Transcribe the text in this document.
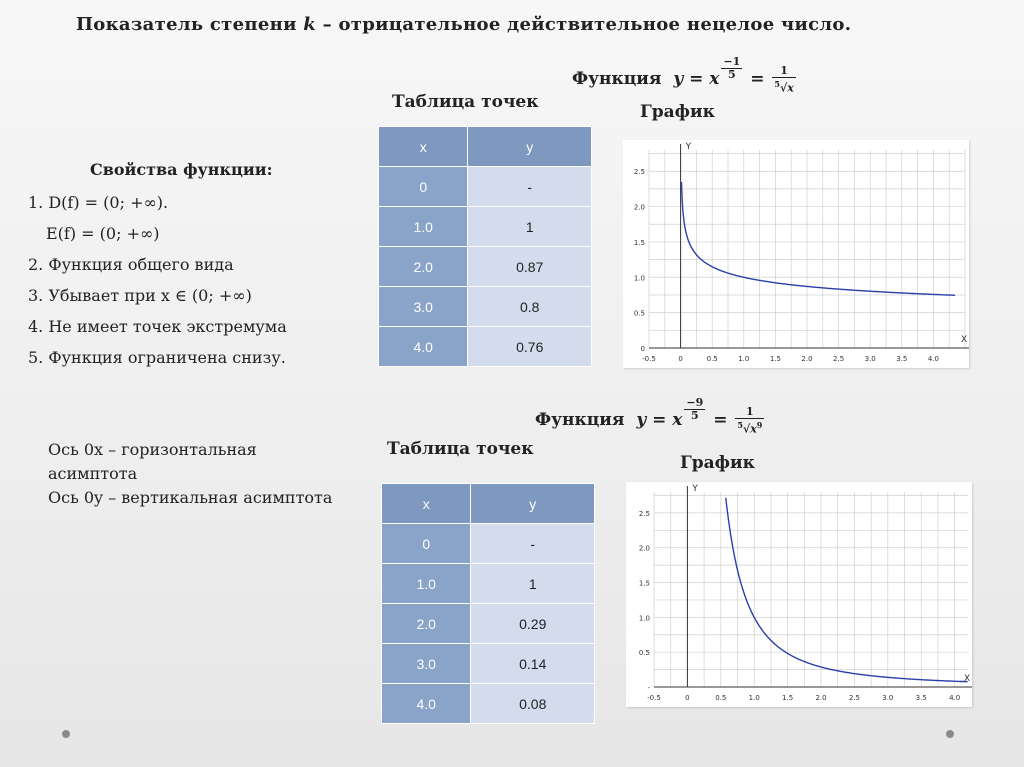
Показатель степени k – отрицательное действительное нецелое число.
Функция y = x $\frac{-1}{5} = \frac{1}{^5√x}$
Таблица точек	График
x	y
0	-
1.0	1
2.0	0.87
3.0	0.8
4.0	0.76	X
Y
-0.5	0	0.5	1.0	1.5	2.0	2.5	3.0	3.5	4.0
0
0.5
1.0
1.5
2.0
2.5
Свойства функции:
1. D(f) = (0; +∞).
E(f) = (0; +∞)
2. Функция общего вида
3. Убывает при x ∈ (0; +∞)
4. Не имеет точек экстремума
5. Функция ограничена снизу.
Ось 0x – горизонтальная асимптота
Ось 0y – вертикальная асимптота
Функция y = x $\frac{-9}{5} = \frac{1}{^5√x^9}$
Таблица точек
График
x	y
0	-
1.0	1
2.0	0.29
3.0	0.14
4.0	0.08
X
Y
-0.5	0	0.5	1.0	1.5	2.0	2.5	3.0	3.5	4.0
-
0.5
1.0
1.5
2.0
2.5
